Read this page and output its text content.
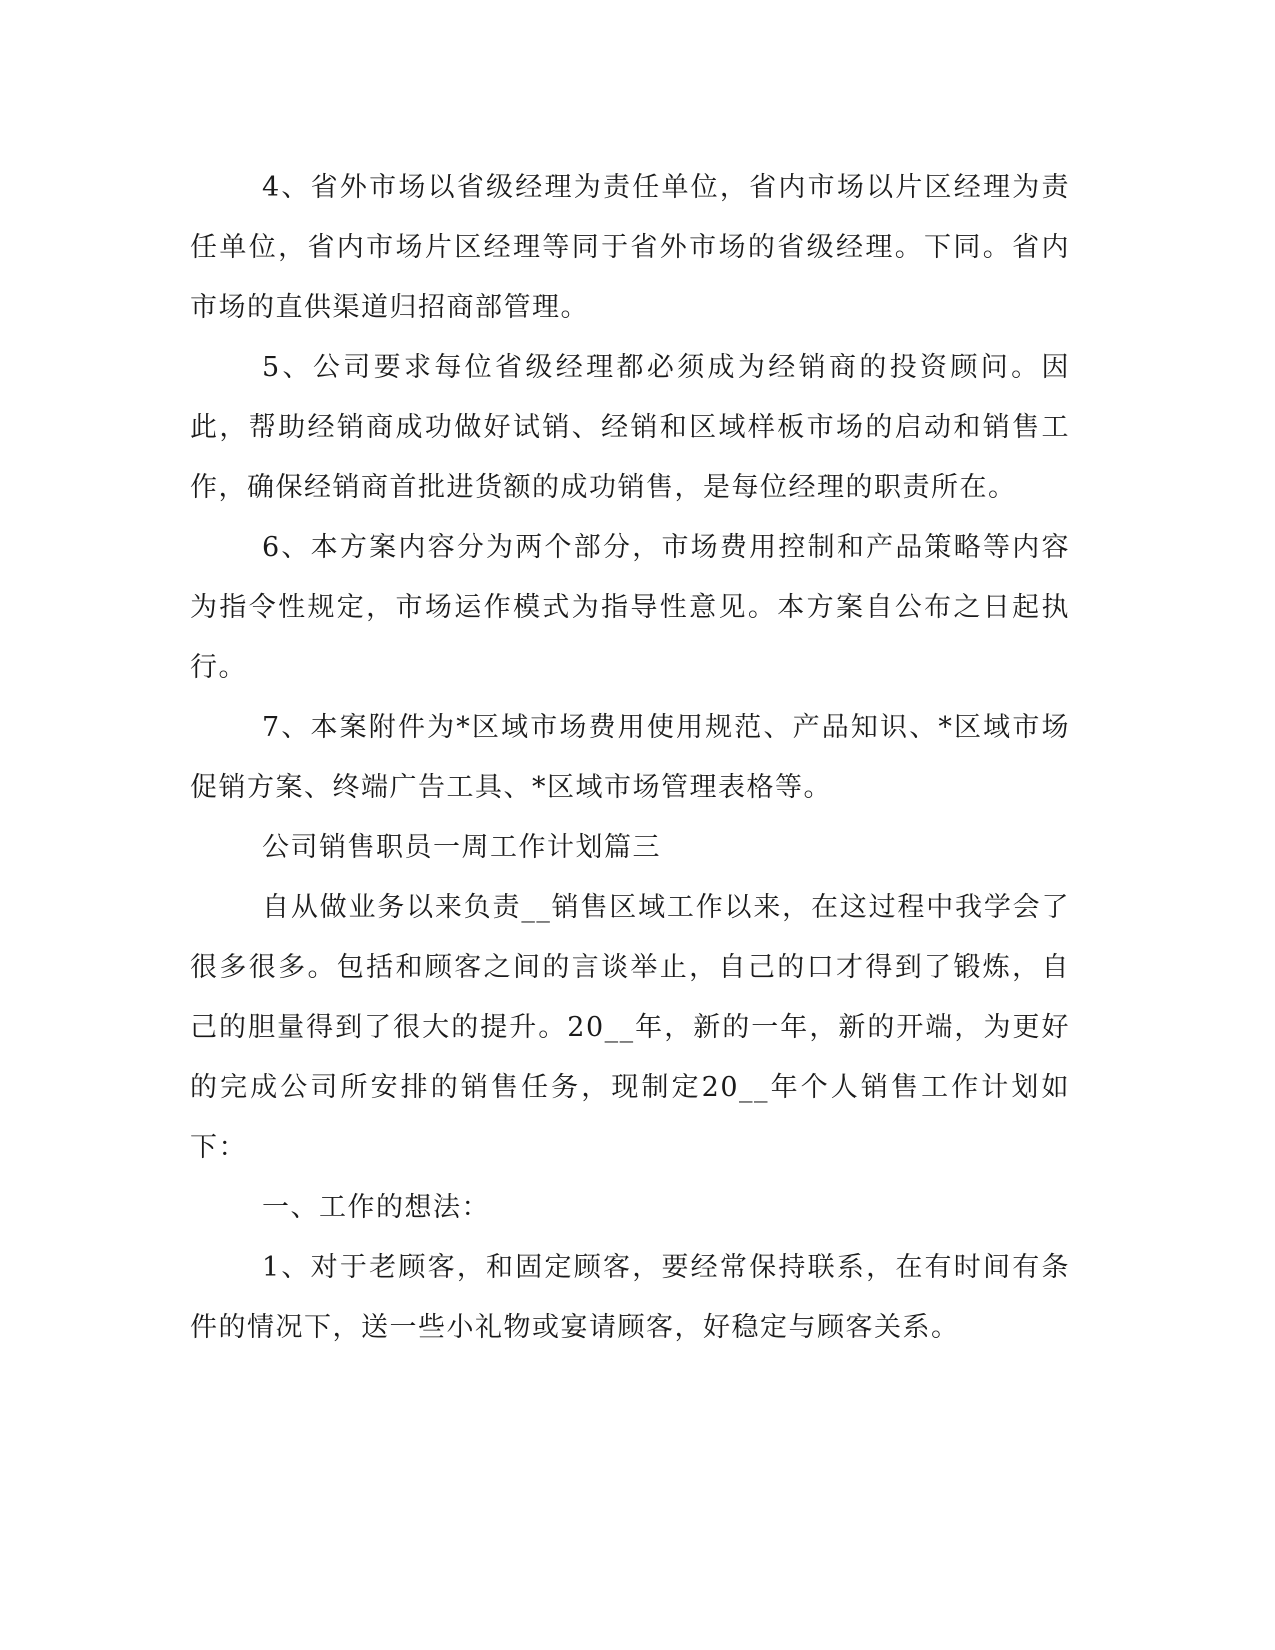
4、省外市场以省级经理为责任单位，省内市场以片区经理为责任单位，省内市场片区经理等同于省外市场的省级经理。下同。省内市场的直供渠道归招商部管理。

5、公司要求每位省级经理都必须成为经销商的投资顾问。因此，帮助经销商成功做好试销、经销和区域样板市场的启动和销售工作，确保经销商首批进货额的成功销售，是每位经理的职责所在。

6、本方案内容分为两个部分，市场费用控制和产品策略等内容为指令性规定，市场运作模式为指导性意见。本方案自公布之日起执行。

7、本案附件为*区域市场费用使用规范、产品知识、*区域市场促销方案、终端广告工具、*区域市场管理表格等。

公司销售职员一周工作计划篇三

自从做业务以来负责__销售区域工作以来，在这过程中我学会了很多很多。包括和顾客之间的言谈举止，自己的口才得到了锻炼，自己的胆量得到了很大的提升。20__年，新的一年，新的开端，为更好的完成公司所安排的销售任务，现制定20__年个人销售工作计划如下：

一、工作的想法：

1、对于老顾客，和固定顾客，要经常保持联系，在有时间有条件的情况下，送一些小礼物或宴请顾客，好稳定与顾客关系。
